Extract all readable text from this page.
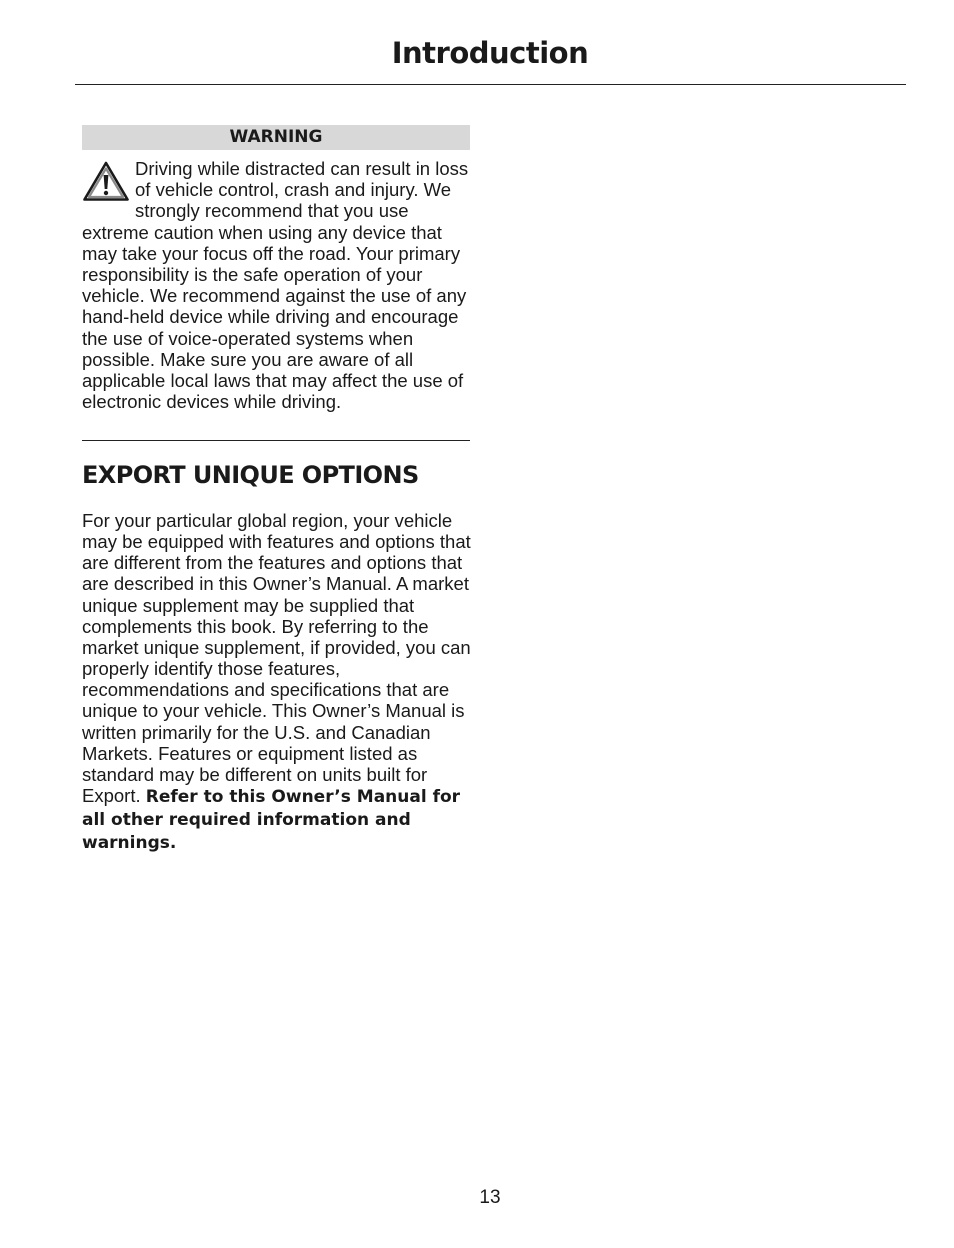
Introduction
WARNING
Driving while distracted can result in loss of vehicle control, crash and injury. We strongly recommend that you use extreme caution when using any device that may take your focus off the road. Your primary responsibility is the safe operation of your vehicle. We recommend against the use of any hand-held device while driving and encourage the use of voice-operated systems when possible. Make sure you are aware of all applicable local laws that may affect the use of electronic devices while driving.
EXPORT UNIQUE OPTIONS
For your particular global region, your vehicle may be equipped with features and options that are different from the features and options that are described in this Owner’s Manual. A market unique supplement may be supplied that complements this book. By referring to the market unique supplement, if provided, you can properly identify those features, recommendations and specifications that are unique to your vehicle. This Owner’s Manual is written primarily for the U.S. and Canadian Markets. Features or equipment listed as standard may be different on units built for Export. Refer to this Owner’s Manual for all other required information and warnings.
13
